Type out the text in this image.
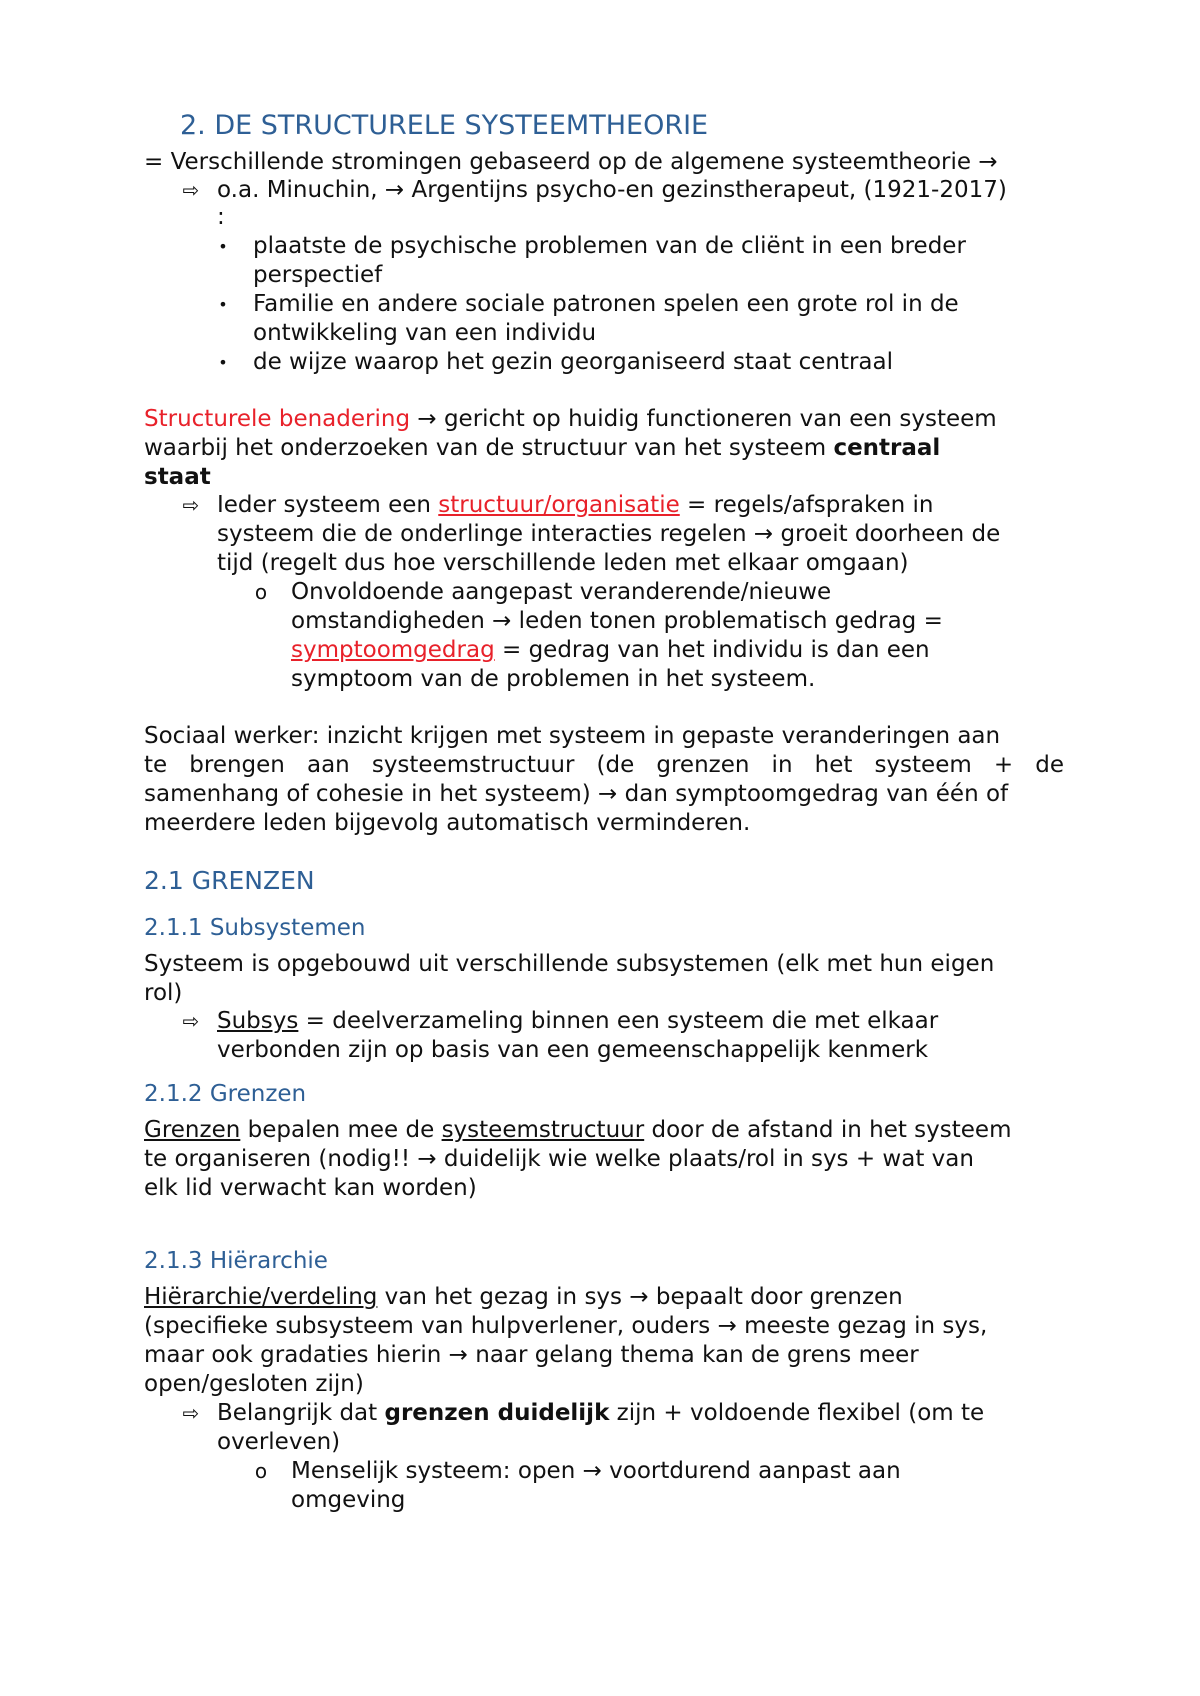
2. DE STRUCTURELE SYSTEEMTHEORIE
= Verschillende stromingen gebaseerd op de algemene systeemtheorie →
⇨ o.a. Minuchin, → Argentijns psycho-en gezinstherapeut, (1921-2017)
:
• plaatste de psychische problemen van de cliënt in een breder
perspectief
• Familie en andere sociale patronen spelen een grote rol in de
ontwikkeling van een individu
• de wijze waarop het gezin georganiseerd staat centraal
Structurele benadering → gericht op huidig functioneren van een systeem
waarbij het onderzoeken van de structuur van het systeem centraal
staat
⇨ Ieder systeem een structuur/organisatie = regels/afspraken in
systeem die de onderlinge interacties regelen → groeit doorheen de
tijd (regelt dus hoe verschillende leden met elkaar omgaan)
o Onvoldoende aangepast veranderende/nieuwe
omstandigheden → leden tonen problematisch gedrag =
symptoomgedrag = gedrag van het individu is dan een
symptoom van de problemen in het systeem.
Sociaal werker: inzicht krijgen met systeem in gepaste veranderingen aan
te brengen aan systeemstructuur (de grenzen in het systeem + de
samenhang of cohesie in het systeem) → dan symptoomgedrag van één of
meerdere leden bijgevolg automatisch verminderen.
2.1 GRENZEN
2.1.1 Subsystemen
Systeem is opgebouwd uit verschillende subsystemen (elk met hun eigen
rol)
⇨ Subsys = deelverzameling binnen een systeem die met elkaar
verbonden zijn op basis van een gemeenschappelijk kenmerk
2.1.2 Grenzen
Grenzen bepalen mee de systeemstructuur door de afstand in het systeem
te organiseren (nodig!! → duidelijk wie welke plaats/rol in sys + wat van
elk lid verwacht kan worden)
2.1.3 Hiërarchie
Hiërarchie/verdeling van het gezag in sys → bepaalt door grenzen
(specifieke subsysteem van hulpverlener, ouders → meeste gezag in sys,
maar ook gradaties hierin → naar gelang thema kan de grens meer
open/gesloten zijn)
⇨ Belangrijk dat grenzen duidelijk zijn + voldoende flexibel (om te
overleven)
o Menselijk systeem: open → voortdurend aanpast aan
omgeving
